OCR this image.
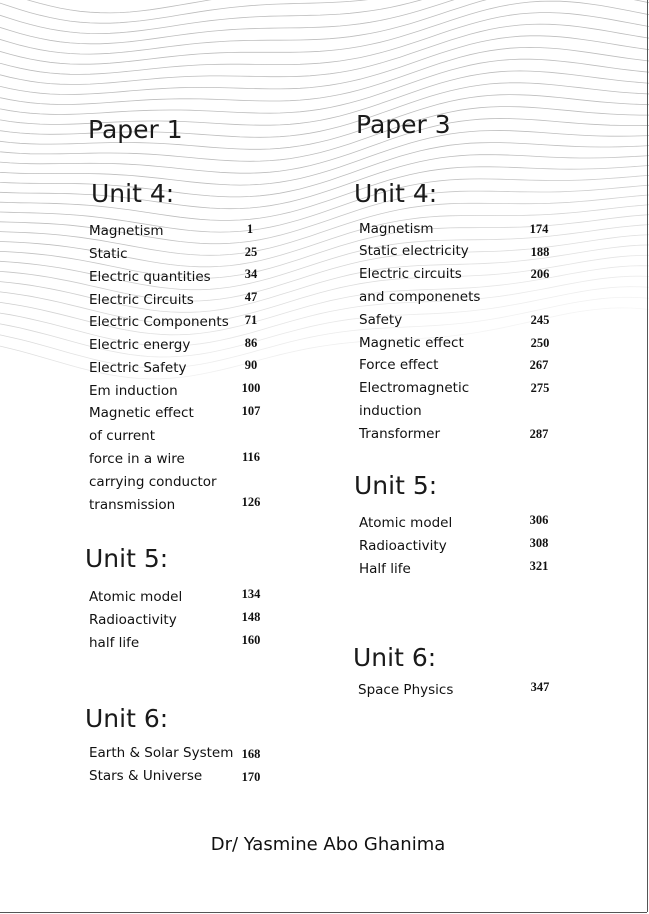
Paper 1
Unit 4:
Magnetism	1
Static	25
Electric quantities	34
Electric Circuits	47
Electric Components	71
Electric energy	86
Electric Safety	90
Em induction	100
Magnetic effect	107
of current
force in a wire	116
carrying conductor
transmission	126
Unit 5:
Atomic model	134
Radioactivity	148
half life	160
Unit 6:
Earth & Solar System 168
Stars & Universe	170
Paper 3
Unit 4:
Magnetism	174
Static electricity	188
Electric circuits	206
and componenets
Safety	245
Magnetic effect	250
Force effect	267
Electromagnetic	275
induction
Transformer	287
Unit 5:
Atomic model	306
Radioactivity	308
Half life	321
Unit 6:
Space Physics	347
Dr/ Yasmine Abo Ghanima
